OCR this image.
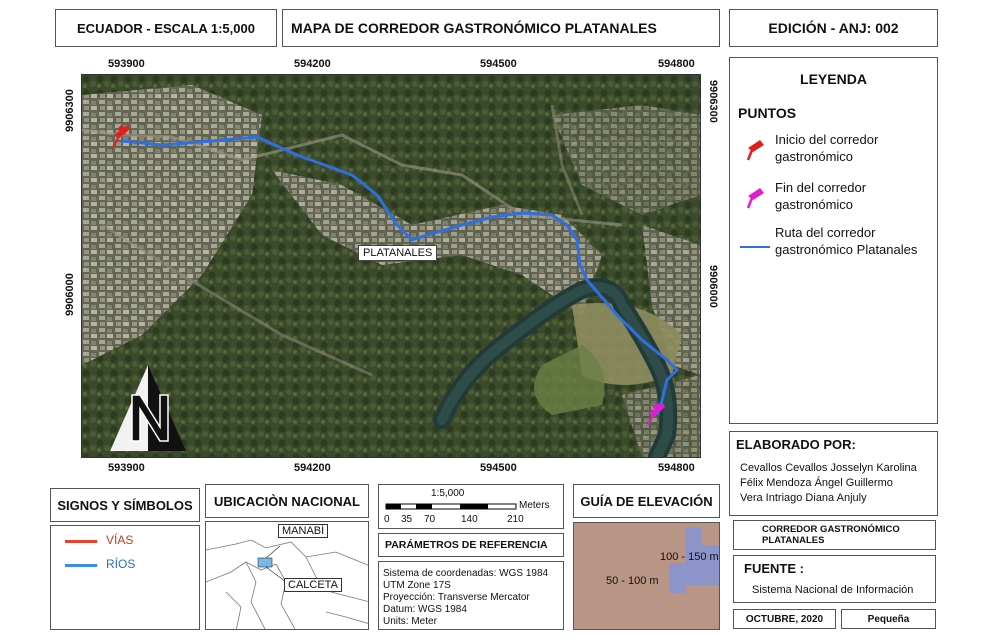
ECUADOR - ESCALA 1:5,000	MAPA DE CORREDOR GASTRONÓMICO PLATANALES	EDICIÓN - ANJ: 002
593900	594200	594500	594800
593900	594200	594500	594800
9906300
9906000
9906300
9906000
PLATANALES
LEYENDA
PUNTOS
Inicio del corredor gastronómico
Fin del corredor gastronómico
Ruta del corredor gastronómico Platanales
ELABORADO POR:
Cevallos Cevallos Josselyn Karolina
Félix Mendoza Ángel Guillermo
Vera Intriago Diana Anjuly
CORREDOR GASTRONÓMICO PLATANALES
FUENTE :
Sistema Nacional de Información
OCTUBRE, 2020	Pequeña
SIGNOS Y SÍMBOLOS
VÍAS
RÍOS
UBICACIÒN NACIONAL
MANABÍ
CALCETA
1:5,000
Meters
0 35 70	140	210
PARÁMETROS DE REFERENCIA
Sistema de coordenadas: WGS 1984
UTM Zone 17S
Proyección: Transverse Mercator
Datum: WGS 1984
Units: Meter
GUÍA DE ELEVACIÓN
100 - 150 m
50 - 100 m
